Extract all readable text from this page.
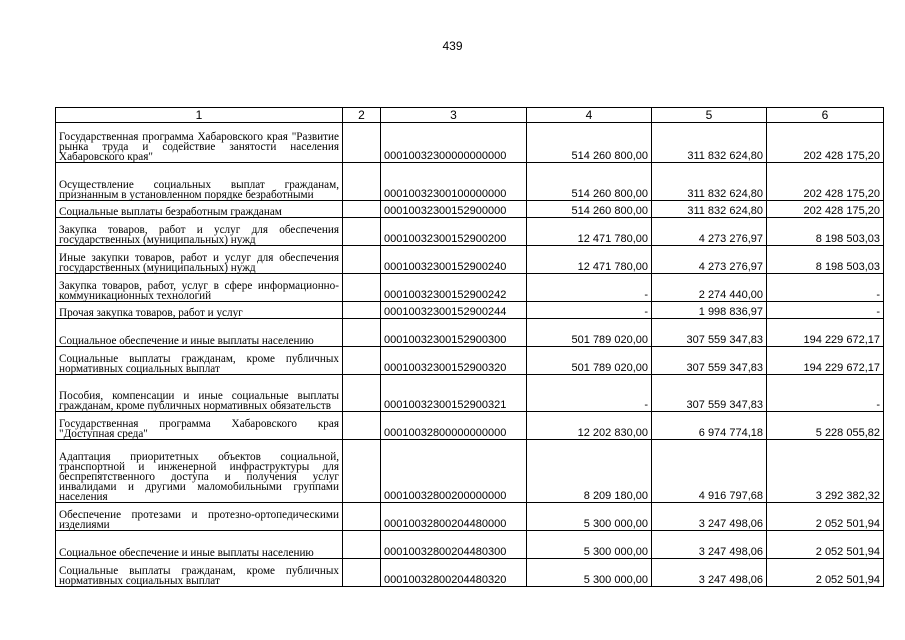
439
1	2	3	4	5	6
Государственная программа Хабаровского края "Развитие рынка труда и содействие занятости населения Хабаровского края"		00010032300000000000	514 260 800,00	311 832 624,80	202 428 175,20
Осуществление социальных выплат гражданам, признанным в установленном порядке безработными		00010032300100000000	514 260 800,00	311 832 624,80	202 428 175,20
Социальные выплаты безработным гражданам		00010032300152900000	514 260 800,00	311 832 624,80	202 428 175,20
Закупка товаров, работ и услуг для обеспечения государственных (муниципальных) нужд		00010032300152900200	12 471 780,00	4 273 276,97	8 198 503,03
Иные закупки товаров, работ и услуг для обеспечения государственных (муниципальных) нужд		00010032300152900240	12 471 780,00	4 273 276,97	8 198 503,03
Закупка товаров, работ, услуг в сфере информационно-коммуникационных технологий		00010032300152900242	-	2 274 440,00	-
Прочая закупка товаров, работ и услуг		00010032300152900244	-	1 998 836,97	-
Социальное обеспечение и иные выплаты населению		00010032300152900300	501 789 020,00	307 559 347,83	194 229 672,17
Социальные выплаты гражданам, кроме публичных нормативных социальных выплат		00010032300152900320	501 789 020,00	307 559 347,83	194 229 672,17
Пособия, компенсации и иные социальные выплаты гражданам, кроме публичных нормативных обязательств		00010032300152900321	-	307 559 347,83	-
Государственная программа Хабаровского края "Доступная среда"		00010032800000000000	12 202 830,00	6 974 774,18	5 228 055,82
Адаптация приоритетных объектов социальной, транспортной и инженерной инфраструктуры для беспрепятственного доступа и получения услуг инвалидами и другими маломобильными группами населения		00010032800200000000	8 209 180,00	4 916 797,68	3 292 382,32
Обеспечение протезами и протезно-ортопедическими изделиями		00010032800204480000	5 300 000,00	3 247 498,06	2 052 501,94
Социальное обеспечение и иные выплаты населению		00010032800204480300	5 300 000,00	3 247 498,06	2 052 501,94
Социальные выплаты гражданам, кроме публичных нормативных социальных выплат		00010032800204480320	5 300 000,00	3 247 498,06	2 052 501,94
